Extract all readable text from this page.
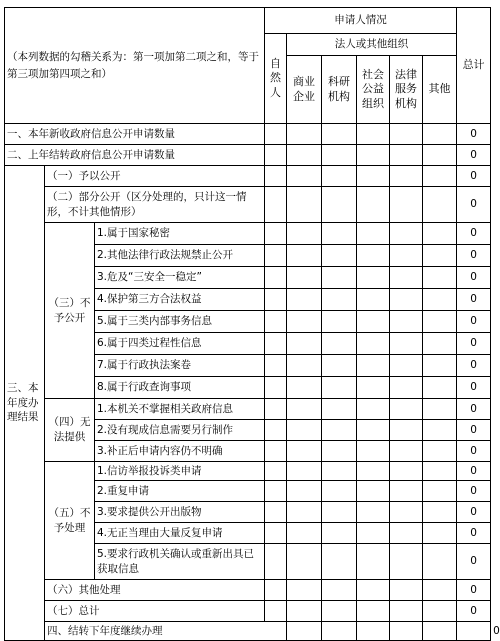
（本列数据的勾稽关系为：第一项加第二项之和，等于第三项加第四项之和）			申请人情况						总计	
			自然人	法人或其他组织						
				商业企业	科研机构	社会公益组织	法律服务机构	其他		
一、本年新收政府信息公开申请数量									0	
二、上年结转政府信息公开申请数量									0	
三、本年度办理结果	（一）予以公开								0	
	（二）部分公开（区分处理的，只计这一情形，不计其他情形）								0	
	（三）不予公开	1.属于国家秘密							0	
		2.其他法律行政法规禁止公开							0	
		3.危及“三安全一稳定”							0	
		4.保护第三方合法权益							0	
		5.属于三类内部事务信息							0	
		6.属于四类过程性信息							0	
		7.属于行政执法案卷							0	
		8.属于行政查询事项							0	
	（四）无法提供	1.本机关不掌握相关政府信息							0	
		2.没有现成信息需要另行制作							0	
		3.补正后申请内容仍不明确							0	
	（五）不予处理	1.信访举报投诉类申请							0	
		2.重复申请							0	
		3.要求提供公开出版物							0	
		4.无正当理由大量反复申请							0	
		5.要求行政机关确认或重新出具已获取信息							0	
	（六）其他处理								0	
	（七）总计								0	
	四、结转下年度继续办理									0
